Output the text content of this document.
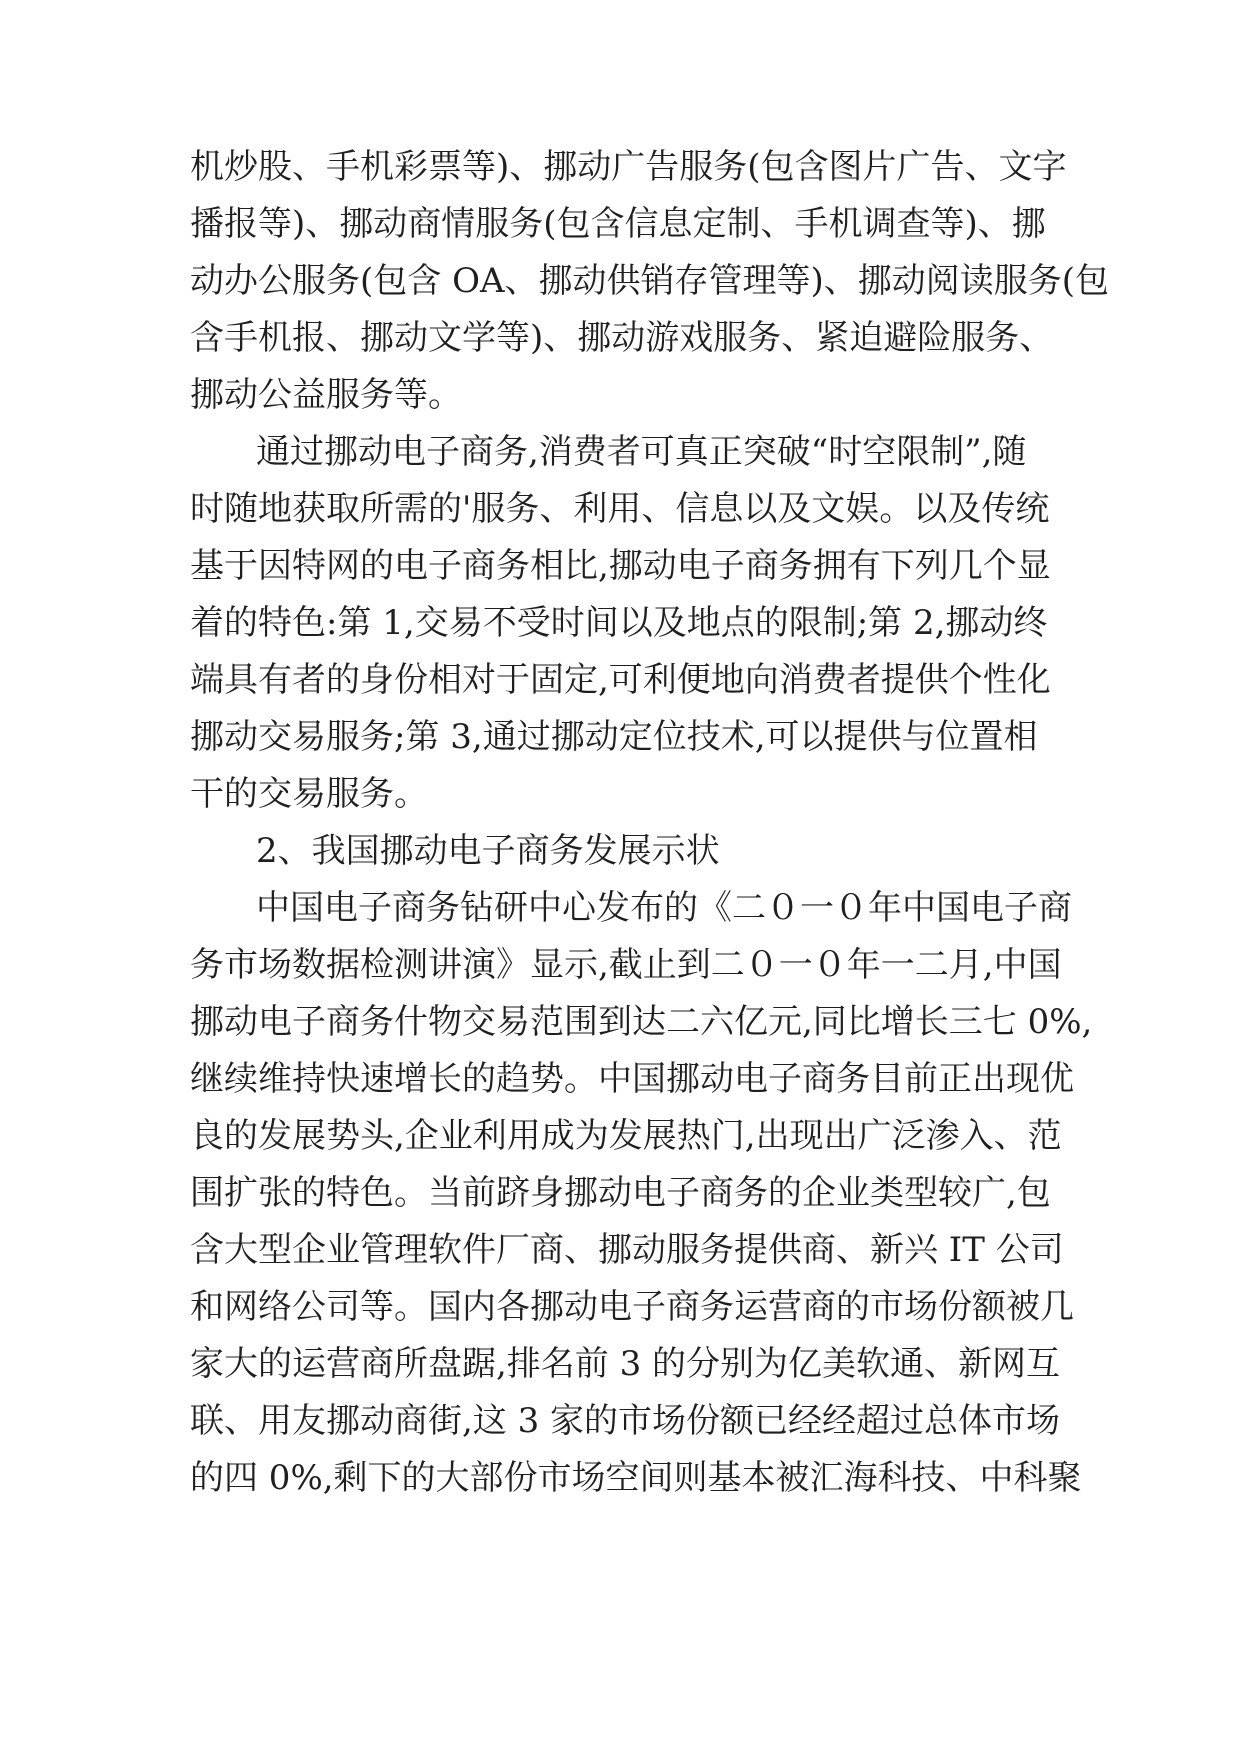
机炒股、手机彩票等)、挪动广告服务(包含图片广告、文字
播报等)、挪动商情服务(包含信息定制、手机调查等)、挪
动办公服务(包含 OA、挪动供销存管理等)、挪动阅读服务(包
含手机报、挪动文学等)、挪动游戏服务、紧迫避险服务、
挪动公益服务等。
通过挪动电子商务,消费者可真正突破“时空限制”,随
时随地获取所需的'服务、利用、信息以及文娱。以及传统
基于因特网的电子商务相比,挪动电子商务拥有下列几个显
着的特色:第 1,交易不受时间以及地点的限制;第 2,挪动终
端具有者的身份相对于固定,可利便地向消费者提供个性化
挪动交易服务;第 3,通过挪动定位技术,可以提供与位置相
干的交易服务。
2、我国挪动电子商务发展示状
中国电子商务钻研中心发布的《二０一０年中国电子商
务市场数据检测讲演》显示,截止到二０一０年一二月,中国
挪动电子商务什物交易范围到达二六亿元,同比增长三七 0%,
继续维持快速增长的趋势。中国挪动电子商务目前正出现优
良的发展势头,企业利用成为发展热门,出现出广泛渗入、范
围扩张的特色。当前跻身挪动电子商务的企业类型较广,包
含大型企业管理软件厂商、挪动服务提供商、新兴 IT 公司
和网络公司等。国内各挪动电子商务运营商的市场份额被几
家大的运营商所盘踞,排名前 3 的分别为亿美软通、新网互
联、用友挪动商街,这 3 家的市场份额已经经超过总体市场
的四 0%,剩下的大部份市场空间则基本被汇海科技、中科聚
